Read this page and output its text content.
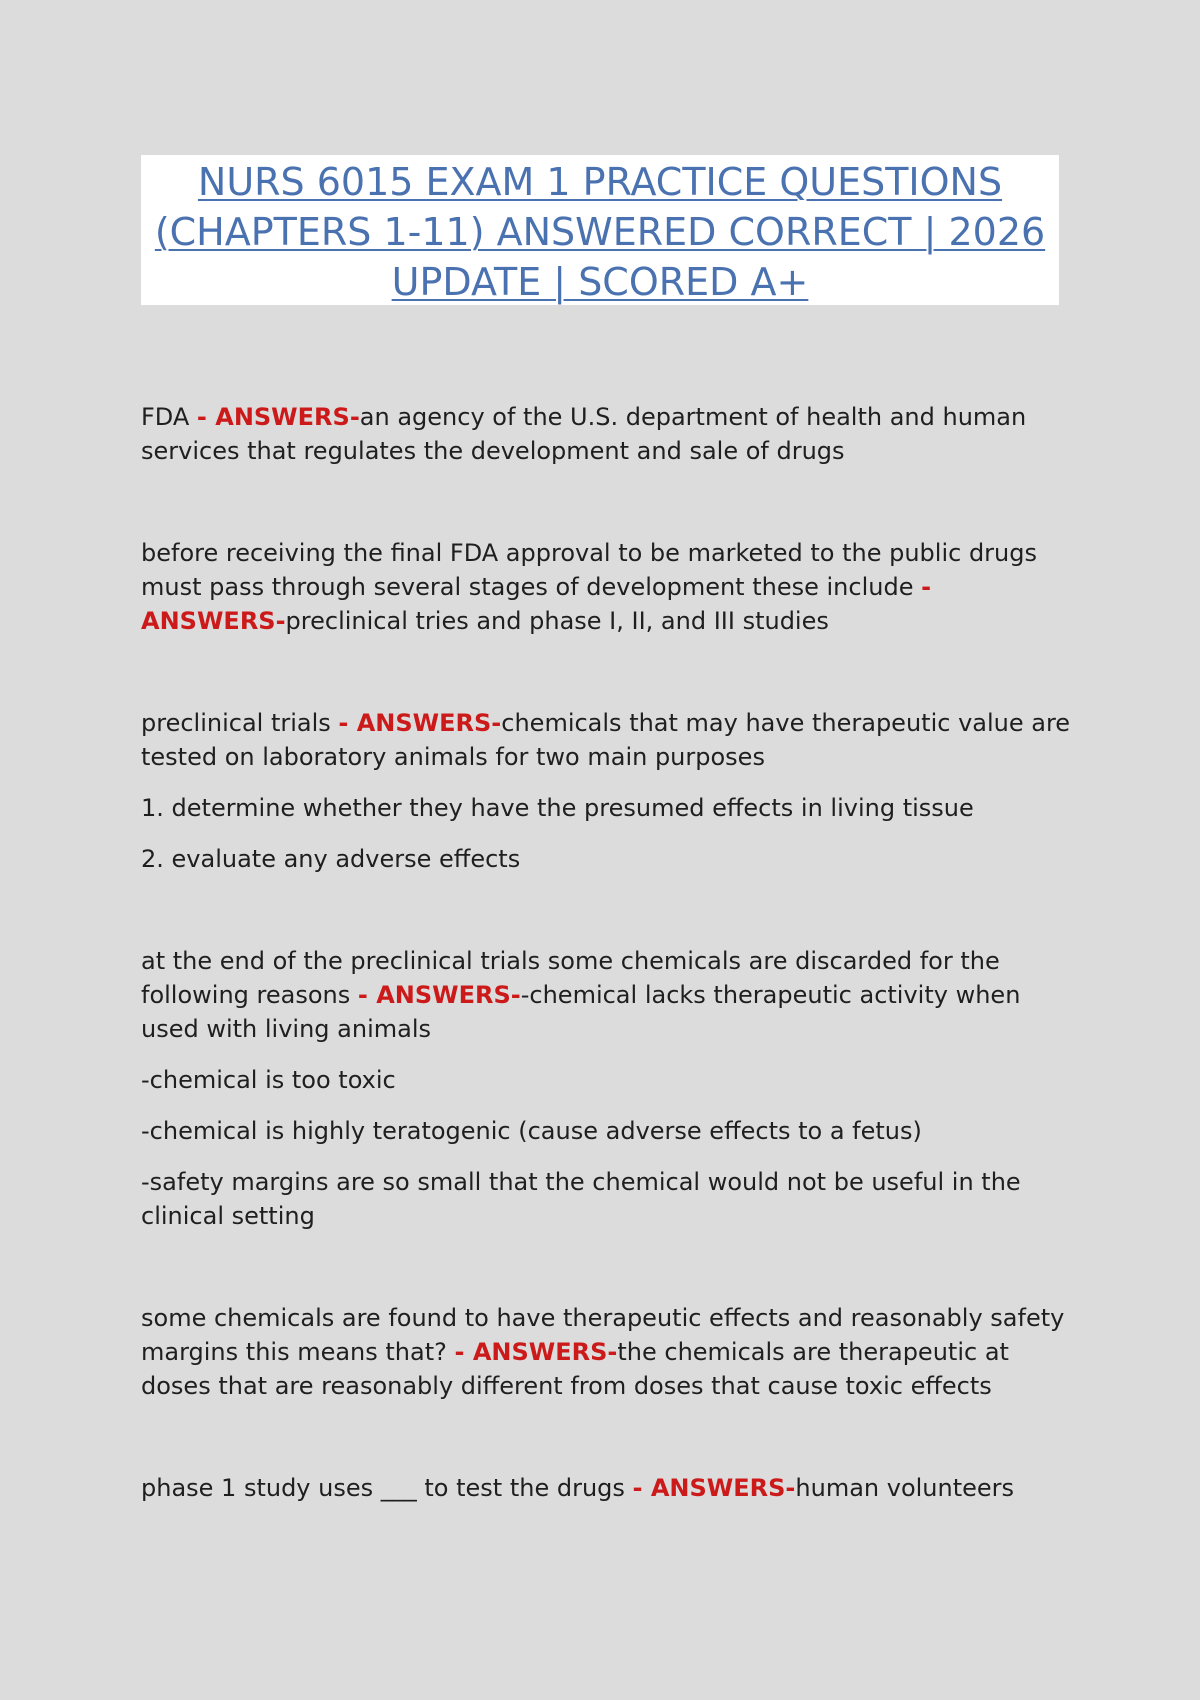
NURS 6015 EXAM 1 PRACTICE QUESTIONS (CHAPTERS 1-11) ANSWERED CORRECT | 2026 UPDATE | SCORED A+

FDA - ANSWERS-an agency of the U.S. department of health and human services that regulates the development and sale of drugs

before receiving the final FDA approval to be marketed to the public drugs must pass through several stages of development these include - ANSWERS-preclinical tries and phase I, II, and III studies

preclinical trials - ANSWERS-chemicals that may have therapeutic value are tested on laboratory animals for two main purposes

1. determine whether they have the presumed effects in living tissue

2. evaluate any adverse effects

at the end of the preclinical trials some chemicals are discarded for the following reasons - ANSWERS--chemical lacks therapeutic activity when used with living animals

-chemical is too toxic

-chemical is highly teratogenic (cause adverse effects to a fetus)

-safety margins are so small that the chemical would not be useful in the clinical setting

some chemicals are found to have therapeutic effects and reasonably safety margins this means that? - ANSWERS-the chemicals are therapeutic at doses that are reasonably different from doses that cause toxic effects

phase 1 study uses ___ to test the drugs - ANSWERS-human volunteers
